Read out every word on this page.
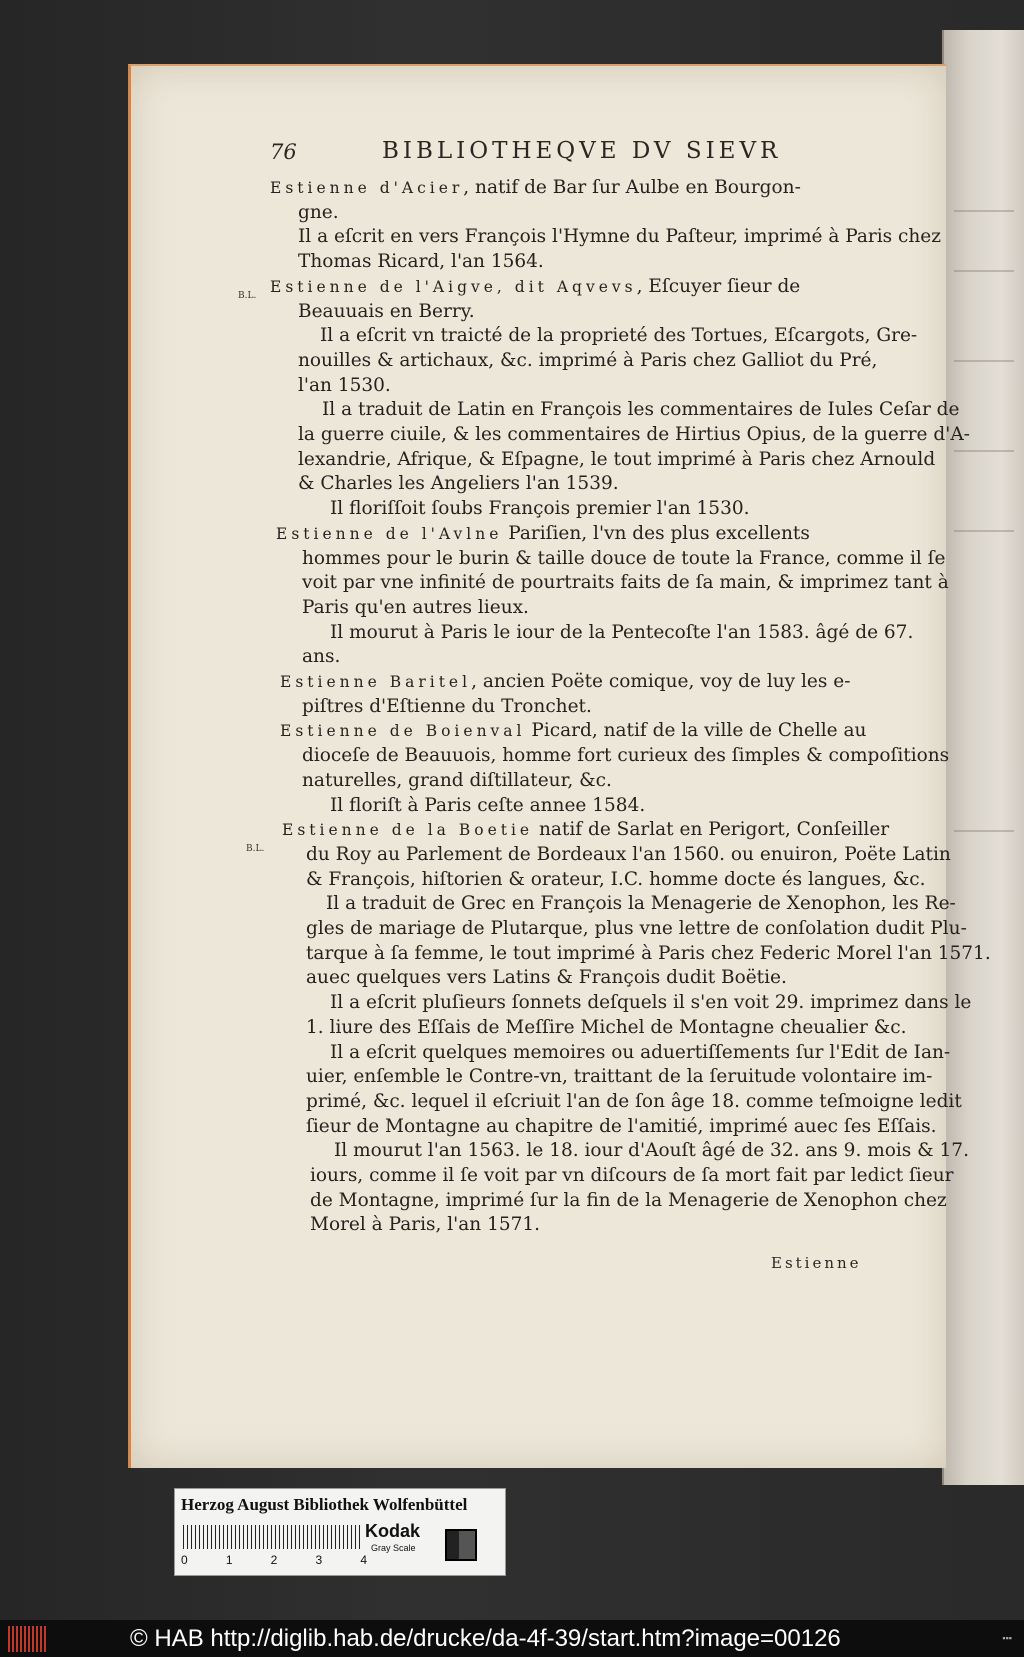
76	BIBLIOTHEQVE DV SIEVR
B.L.
B.L.
Estienne d'Acier, natif de Bar ſur Aulbe en Bourgon-
gne.
Il a eſcrit en vers François l'Hymne du Paſteur, imprimé à Paris chez
Thomas Ricard, l'an 1564.
Estienne de l'Aigve, dit Aqvevs, Eſcuyer ſieur de
Beauuais en Berry.
Il a eſcrit vn traicté de la proprieté des Tortues, Eſcargots, Gre-
nouilles & artichaux, &c. imprimé à Paris chez Galliot du Pré,
l'an 1530.
Il a traduit de Latin en François les commentaires de Iules Ceſar de
la guerre ciuile, & les commentaires de Hirtius Opius, de la guerre d'A-
lexandrie, Afrique, & Eſpagne, le tout imprimé à Paris chez Arnould
& Charles les Angeliers l'an 1539.
Il floriſſoit ſoubs François premier l'an 1530.
Estienne de l'Avlne Pariſien, l'vn des plus excellents
hommes pour le burin & taille douce de toute la France, comme il ſe
voit par vne infinité de pourtraits faits de ſa main, & imprimez tant à
Paris qu'en autres lieux.
Il mourut à Paris le iour de la Pentecoſte l'an 1583. âgé de 67.
ans.
Estienne Baritel, ancien Poëte comique, voy de luy les e-
piſtres d'Eſtienne du Tronchet.
Estienne de Boienval Picard, natif de la ville de Chelle au
dioceſe de Beauuois, homme fort curieux des ſimples & compoſitions
naturelles, grand diſtillateur, &c.
Il floriſt à Paris ceſte annee 1584.
Estienne de la Boetie natif de Sarlat en Perigort, Conſeiller
du Roy au Parlement de Bordeaux l'an 1560. ou enuiron, Poëte Latin
& François, hiſtorien & orateur, I.C. homme docte és langues, &c.
Il a traduit de Grec en François la Menagerie de Xenophon, les Re-
gles de mariage de Plutarque, plus vne lettre de conſolation dudit Plu-
tarque à ſa femme, le tout imprimé à Paris chez Federic Morel l'an 1571.
auec quelques vers Latins & François dudit Boëtie.
Il a eſcrit pluſieurs ſonnets deſquels il s'en voit 29. imprimez dans le
1. liure des Eſſais de Meſſire Michel de Montagne cheualier &c.
Il a eſcrit quelques memoires ou aduertiſſements ſur l'Edit de Ian-
uier, enſemble le Contre-vn, traittant de la ſeruitude volontaire im-
primé, &c. lequel il eſcriuit l'an de ſon âge 18. comme teſmoigne ledit
ſieur de Montagne au chapitre de l'amitié, imprimé auec ſes Eſſais.
Il mourut l'an 1563. le 18. iour d'Aouſt âgé de 32. ans 9. mois & 17.
iours, comme il ſe voit par vn diſcours de ſa mort fait par ledict ſieur
de Montagne, imprimé ſur la fin de la Menagerie de Xenophon chez
Morel à Paris, l'an 1571.
Estienne
Herzog August Bibliothek Wolfenbüttel
0	1	2	3	4
Kodak
Gray Scale
© HAB http://diglib.hab.de/drucke/da-4f-39/start.htm?image=00126	▪▪▪
